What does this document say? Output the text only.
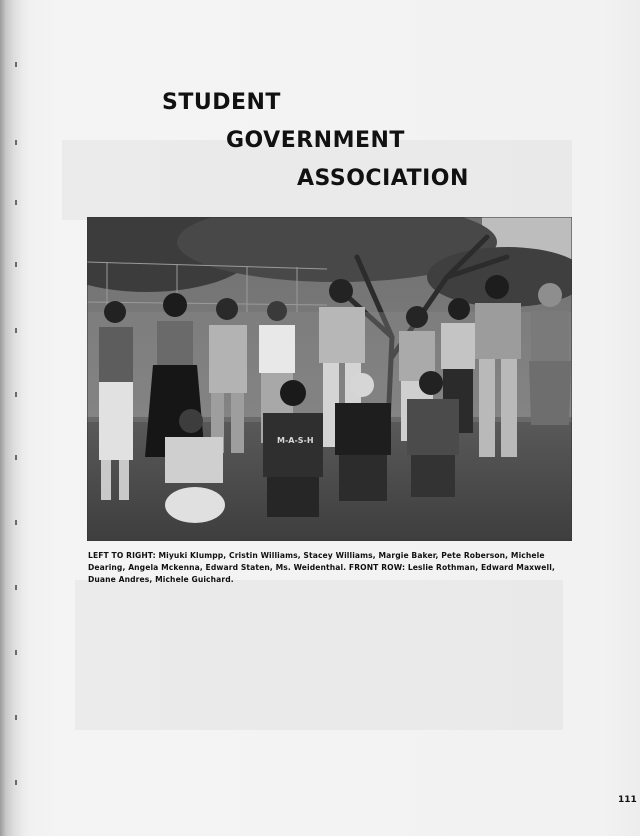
STUDENT
GOVERNMENT
ASSOCIATION
M-A-S-H
LEFT TO RIGHT: Miyuki Klumpp, Cristin Williams, Stacey Williams, Margie Baker, Pete Roberson, Michele Dearing, Angela Mckenna, Edward Staten, Ms. Weidenthal. FRONT ROW: Leslie Rothman, Edward Maxwell, Duane Andres, Michele Guichard.
111
